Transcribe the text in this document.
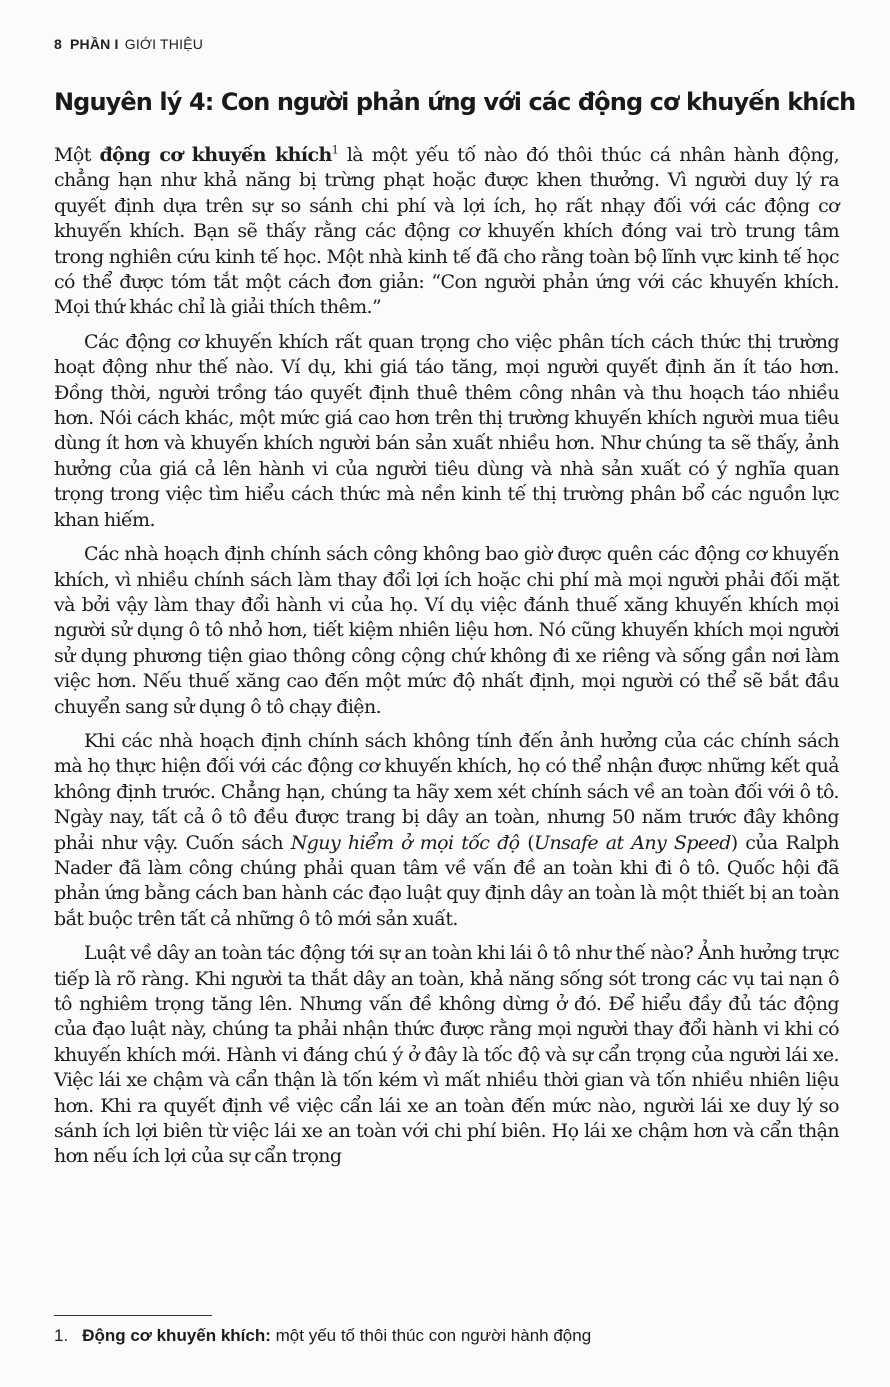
8 PHẦN I GIỚI THIỆU
Nguyên lý 4: Con người phản ứng với các động cơ khuyến khích

Một động cơ khuyến khích$^1$ là một yếu tố nào đó thôi thúc cá nhân hành động, chẳng hạn như khả năng bị trừng phạt hoặc được khen thưởng. Vì người duy lý ra quyết định dựa trên sự so sánh chi phí và lợi ích, họ rất nhạy đối với các động cơ khuyến khích. Bạn sẽ thấy rằng các động cơ khuyến khích đóng vai trò trung tâm trong nghiên cứu kinh tế học. Một nhà kinh tế đã cho rằng toàn bộ lĩnh vực kinh tế học có thể được tóm tắt một cách đơn giản: “Con người phản ứng với các khuyến khích. Mọi thứ khác chỉ là giải thích thêm.”

Các động cơ khuyến khích rất quan trọng cho việc phân tích cách thức thị trường hoạt động như thế nào. Ví dụ, khi giá táo tăng, mọi người quyết định ăn ít táo hơn. Đồng thời, người trồng táo quyết định thuê thêm công nhân và thu hoạch táo nhiều hơn. Nói cách khác, một mức giá cao hơn trên thị trường khuyến khích người mua tiêu dùng ít hơn và khuyến khích người bán sản xuất nhiều hơn. Như chúng ta sẽ thấy, ảnh hưởng của giá cả lên hành vi của người tiêu dùng và nhà sản xuất có ý nghĩa quan trọng trong việc tìm hiểu cách thức mà nền kinh tế thị trường phân bổ các nguồn lực khan hiếm.

Các nhà hoạch định chính sách công không bao giờ được quên các động cơ khuyến khích, vì nhiều chính sách làm thay đổi lợi ích hoặc chi phí mà mọi người phải đối mặt và bởi vậy làm thay đổi hành vi của họ. Ví dụ việc đánh thuế xăng khuyến khích mọi người sử dụng ô tô nhỏ hơn, tiết kiệm nhiên liệu hơn. Nó cũng khuyến khích mọi người sử dụng phương tiện giao thông công cộng chứ không đi xe riêng và sống gần nơi làm việc hơn. Nếu thuế xăng cao đến một mức độ nhất định, mọi người có thể sẽ bắt đầu chuyển sang sử dụng ô tô chạy điện.

Khi các nhà hoạch định chính sách không tính đến ảnh hưởng của các chính sách mà họ thực hiện đối với các động cơ khuyến khích, họ có thể nhận được những kết quả không định trước. Chẳng hạn, chúng ta hãy xem xét chính sách về an toàn đối với ô tô. Ngày nay, tất cả ô tô đều được trang bị dây an toàn, nhưng 50 năm trước đây không phải như vậy. Cuốn sách Nguy hiểm ở mọi tốc độ (Unsafe at Any Speed) của Ralph Nader đã làm công chúng phải quan tâm về vấn đề an toàn khi đi ô tô. Quốc hội đã phản ứng bằng cách ban hành các đạo luật quy định dây an toàn là một thiết bị an toàn bắt buộc trên tất cả những ô tô mới sản xuất.

Luật về dây an toàn tác động tới sự an toàn khi lái ô tô như thế nào? Ảnh hưởng trực tiếp là rõ ràng. Khi người ta thắt dây an toàn, khả năng sống sót trong các vụ tai nạn ô tô nghiêm trọng tăng lên. Nhưng vấn đề không dừng ở đó. Để hiểu đầy đủ tác động của đạo luật này, chúng ta phải nhận thức được rằng mọi người thay đổi hành vi khi có khuyến khích mới. Hành vi đáng chú ý ở đây là tốc độ và sự cẩn trọng của người lái xe. Việc lái xe chậm và cẩn thận là tốn kém vì mất nhiều thời gian và tốn nhiều nhiên liệu hơn. Khi ra quyết định về việc cẩn lái xe an toàn đến mức nào, người lái xe duy lý so sánh ích lợi biên từ việc lái xe an toàn với chi phí biên. Họ lái xe chậm hơn và cẩn thận hơn nếu ích lợi của sự cẩn trọng

1. Động cơ khuyến khích: một yếu tố thôi thúc con người hành động
